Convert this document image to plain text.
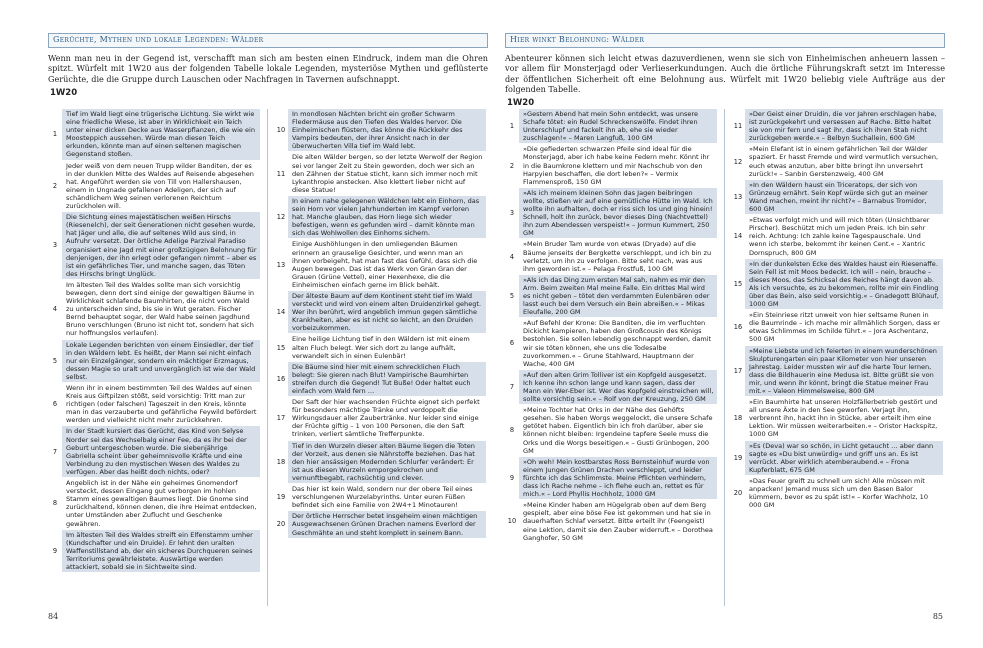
Gerüchte, Mythen und lokale Legenden: Wälder
Wenn man neu in der Gegend ist, verschafft man sich am besten einen Eindruck, indem man die Ohren spitzt. Würfelt mit 1W20 aus der folgenden Tabelle lokale Legenden, mysteriöse Mythen und geflüsterte Gerüchte, die die Gruppe durch Lauschen oder Nachfragen in Tavernen aufschnappt.
1W20
1
Tief im Wald liegt eine trügerische Lichtung. Sie wirkt wie eine friedliche Wiese, ist aber in Wirklichkeit ein Teich unter einer dicken Decke aus Wasserpflanzen, die wie ein Moosteppich aussehen. Würde man diesen Teich erkunden, könnte man auf einen seltenen magischen Gegenstand stoßen.
2
Jeder weiß von dem neuen Trupp wilder Banditen, der es in der dunklen Mitte des Waldes auf Reisende abgesehen hat. Angeführt werden sie von Till von Hallershausen, einem in Ungnade gefallenen Adeligen, der sich auf schändlichem Weg seinen verlorenen Reichtum zurückholen will.
3
Die Sichtung eines majestätischen weißen Hirschs (Riesenelch), der seit Generationen nicht gesehen wurde, hat Jäger und alle, die auf seltenes Wild aus sind, in Aufruhr versetzt. Der örtliche Adelige Parzival Paradiso organisiert eine Jagd mit einer großzügigen Belohnung für denjenigen, der ihn erlegt oder gefangen nimmt – aber es ist ein gefährliches Tier, und manche sagen, das Töten des Hirschs bringt Unglück.
4
Im ältesten Teil des Waldes sollte man sich vorsichtig bewegen, denn dort sind einige der gewaltigen Bäume in Wirklichkeit schlafende Baumhirten, die nicht vom Wald zu unterscheiden sind, bis sie in Wut geraten. Fischer Bernd behauptet sogar, der Wald habe seinen Jagdhund Bruno verschlungen (Bruno ist nicht tot, sondern hat sich nur hoffnungslos verlaufen).
5
Lokale Legenden berichten von einem Einsiedler, der tief in den Wäldern lebt. Es heißt, der Mann sei nicht einfach nur ein Einzelgänger, sondern ein mächtiger Erzmagus, dessen Magie so uralt und unvergänglich ist wie der Wald selbst.
6
Wenn ihr in einem bestimmten Teil des Waldes auf einen Kreis aus Giftpilzen stößt, seid vorsichtig: Tritt man zur richtigen (oder falschen) Tageszeit in den Kreis, könnte man in das verzauberte und gefährliche Feywild befördert werden und vielleicht nicht mehr zurückkehren.
7
In der Stadt kursiert das Gerücht, das Kind von Selyse Norder sei das Wechselbalg einer Fee, da es ihr bei der Geburt untergeschoben wurde. Die siebenjährige Gabriella scheint über geheimnisvolle Kräfte und eine Verbindung zu den mystischen Wesen des Waldes zu verfügen. Aber das heißt doch nichts, oder?
8
Angeblich ist in der Nähe ein geheimes Gnomendorf versteckt, dessen Eingang gut verborgen im hohlen Stamm eines gewaltigen Baumes liegt. Die Gnome sind zurückhaltend, können denen, die ihre Heimat entdecken, unter Umständen aber Zuflucht und Geschenke gewähren.
9
Im ältesten Teil des Waldes streift ein Elfenstamm umher (Kundschafter und ein Druide). Er lehnt den uralten Waffenstillstand ab, der ein sicheres Durchqueren seines Territoriums gewährleistete. Auswärtige werden attackiert, sobald sie in Sichtweite sind.
10
In mondlosen Nächten bricht ein großer Schwarm Fledermäuse aus den Tiefen des Waldes hervor. Die Einheimischen flüstern, das könne die Rückkehr des Vampirs bedeuten, der ihrer Ansicht nach in der überwucherten Villa tief im Wald lebt.
11
Die alten Wälder bergen, so der letzte Werwolf der Region sei vor langer Zeit zu Stein geworden, doch wer sich an den Zähnen der Statue sticht, kann sich immer noch mit Lykanthropie anstecken. Also klettert lieber nicht auf diese Statue!
12
In einem nahe gelegenen Wäldchen lebt ein Einhorn, das sein Horn vor vielen Jahrhunderten im Kampf verloren hat. Manche glauben, das Horn liege sich wieder befestigen, wenn es gefunden wird – damit könnte man sich das Wohlwollen des Einhorns sichern.
13
Einige Aushöhlungen in den umliegenden Bäumen erinnern an grauselige Gesichter, und wenn man an ihnen vorbeigeht, hat man fast das Gefühl, dass sich die Augen bewegen. Das ist das Werk von Gran Gran der Grauen (Grüne Vettel), einer Hexenhexe, die die Einheimischen einfach gerne im Blick behält.
14
Der älteste Baum auf dem Kontinent steht tief im Wald versteckt und wird von einem alten Druidenzirkel gehegt. Wer ihn berührt, wird angeblich immun gegen sämtliche Krankheiten, aber es ist nicht so leicht, an den Druiden vorbeizukommen.
15
Eine heilige Lichtung tief in den Wäldern ist mit einem alten Fluch belegt. Wer sich dort zu lange aufhält, verwandelt sich in einen Eulenbär!
16
Die Bäume sind hier mit einem schrecklichen Fluch belegt: Sie gieren nach Blut! Vampirische Baumhirten streifen durch die Gegend! Tut Buße! Oder haltet euch einfach vom Wald fern …
17
Der Saft der hier wachsenden Früchte eignet sich perfekt für besonders mächtige Tränke und verdoppelt die Wirkungsdauer aller Zaubertränke. Nur leider sind einige der Früchte giftig – 1 von 100 Personen, die den Saft trinken, verliert sämtliche Trefferpunkte.
18
Tief in den Wurzeln dieser alten Bäume liegen die Toten der Vorzeit, aus denen sie Nährstoffe beziehen. Das hat den hier ansässigen Modernden Schlurfer verändert: Er ist aus diesen Wurzeln emporgekrochen und vernunftbegabt, rachsüchtig und clever.
19
Das hier ist kein Wald, sondern nur der obere Teil eines verschlungenen Wurzelabyrinths. Unter euren Füßen befindet sich eine Familie von 2W4+1 Minotauren!
20
Der örtliche Herrscher betet insgeheim einen mächtigen Ausgewachsenen Grünen Drachen namens Everlord der Geschmähte an und steht komplett in seinem Bann.
84
Hier winkt Belohnung: Wälder
Abenteurer können sich leicht etwas dazuverdienen, wenn sie sich von Einheimischen anheuern lassen – vor allem für Monsterjagd oder Verlieserkundungen. Auch die örtliche Führungskraft setzt im Interesse der öffentlichen Sicherheit oft eine Belohnung aus. Würfelt mit 1W20 beliebig viele Aufträge aus der folgenden Tabelle.
1W20
1
»Gestern Abend hat mein Sohn entdeckt, was unsere Schafe tötet: ein Rudel Schreckenswölfe. Findet ihren Unterschlupf und fackelt ihn ab, ehe sie wieder zuschlagen!« – Maren Langfuß, 100 GM
2
»Die gefiederten schwarzen Pfeile sind ideal für die Monsterjagd, aber ich habe keine Federn mehr. Könnt ihr in die Baumkrone klettern und mir Nachschub von den Harpyien beschaffen, die dort leben?« – Vermix Flammensproß, 150 GM
3
»Als ich meinem kleinen Sohn das Jagen beibringen wollte, stießen wir auf eine gemütliche Hütte im Wald. Ich wollte ihn aufhalten, doch er riss sich los und ging hinein! Schnell, holt ihn zurück, bevor dieses Ding (Nachtvettel) ihn zum Abendessen verspeist!« – Jormun Kummert, 250 GM
4
»Mein Bruder Tam wurde von etwas (Dryade) auf die Bäume jenseits der Bergkette verschleppt, und ich bin zu verletzt, um ihn zu verfolgen. Bitte seht nach, was aus ihm geworden ist.« – Pelaga Frostfuß, 100 GM
5
»Als ich das Ding zum ersten Mal sah, nahm es mir den Arm. Beim zweiten Mal meine Falle. Ein drittes Mal wird es nicht geben – tötet den verdammten Eulenbären oder lasst euch bei dem Versuch ein Bein abreißen.« – Mikas Eleufalle, 200 GM
6
»Auf Befehl der Krone: Die Banditen, die im verfluchten Dickicht kampieren, haben den Großcousin des Königs bestohlen. Sie sollen lebendig geschnappt werden, damit wir sie töten können, ehe uns die Todesalbe zuvorkommen.« – Grune Stahlward, Hauptmann der Wache, 400 GM
7
»Auf den alten Grim Tolliver ist ein Kopfgeld ausgesetzt. Ich kenne ihn schon lange und kann sagen, dass der Mann ein Wer-Eber ist. Wer das Kopfgeld einstreichen will, sollte vorsichtig sein.« – Rolf von der Kreuzung, 250 GM
8
»Meine Tochter hat Orks in der Nähe des Gehöfts gesehen. Sie haben Worgs weggelockt, die unsere Schafe getötet haben. Eigentlich bin ich froh darüber, aber sie können nicht bleiben: Irgendeine tapfere Seele muss die Orks und die Worgs beseitigen.« – Gusti Grünbogen, 200 GM
9
»Oh weh! Mein kostbarstes Ross Bernsteinhuf wurde von einem Jungen Grünen Drachen verschleppt, und leider fürchte ich das Schlimmste. Meine Pflichten verhindern, dass ich Rache nehme – ich flehe euch an, rettet es für mich.« – Lord Phyllis Hochholz, 1000 GM
10
»Meine Kinder haben am Hügelgrab oben auf dem Berg gespielt, aber eine böse Fee ist gekommen und hat sie in dauerhaften Schlaf versetzt. Bitte erteilt ihr (Feengeist) eine Lektion, damit sie den Zauber widerruft.« – Dorothea Ganghofer, 50 GM
11
»Der Geist einer Druidin, die vor Jahren erschlagen habe, ist zurückgekehrt und versessen auf Rache. Bitte haltet sie von mir fern und sagt ihr, dass ich ihren Stab nicht zurückgeben werde.« – Belbyn Suchallein, 600 GM
12
»Mein Elefant ist in einem gefährlichen Teil der Wälder spaziert. Er hasst Fremde und wird vermutlich versuchen, euch etwas anzutun, aber bitte bringt ihn unversehrt zurück!« – Sanbin Gerstenzweig, 400 GM
13
»In den Wäldern haust ein Triceratops, der sich von Grünzeug ernährt. Sein Kopf würde sich gut an meiner Wand machen, meint ihr nicht?« – Barnabus Tromidor, 600 GM
14
»Etwas verfolgt mich und will mich töten (Unsichtbarer Pirscher). Beschützt mich um jeden Preis. Ich bin sehr reich. Achtung: Ich zahle keine Tagespauschale. Und wenn ich sterbe, bekommt ihr keinen Cent.« – Xantric Dornspruch, 800 GM
15
»In der dunkelsten Ecke des Waldes haust ein Riesenaffe. Sein Fell ist mit Moos bedeckt. Ich will – nein, brauche – dieses Moos, das Schicksal des Reiches hängt davon ab. Als ich versuchte, es zu bekommen, rollte mir ein Findling über das Bein, also seid vorsichtig.« – Gnadegott Blühauf, 1000 GM
16
»Ein Steinriese ritzt unweit von hier seltsame Runen in die Baumrinde – ich mache mir allmählich Sorgen, dass er etwas Schlimmes im Schilde führt.« – Jora Aschentanz, 500 GM
17
»Meine Liebste und ich feierten in einem wunderschönen Skulpturengarten ein paar Kilometer von hier unseren Jahrestag. Leider mussten wir auf die harte Tour lernen, dass die Bildhauerin eine Medusa ist. Bitte grüßt sie von mir, und wenn ihr könnt, bringt die Statue meiner Frau mit.« – Valeon Himmelsweise, 800 GM
18
»Ein Baumhirte hat unseren Holzfällerbetrieb gestört und all unsere Äxte in den See geworfen. Verjagt ihn, verbrennt ihn, hackt ihn in Stücke, aber erteilt ihm eine Lektion. Wir müssen weiterarbeiten.« – Oristor Hackspitz, 1000 GM
19
»Es (Deva) war so schön, in Licht getaucht … aber dann sagte es »Du bist unwürdig« und griff uns an. Es ist verrückt. Aber wirklich atemberaubend.« – Frona Kupferblatt, 675 GM
20
»Das Feuer greift zu schnell um sich! Alle müssen mit anpacken! Jemand muss sich um den Basen Balor kümmern, bevor es zu spät ist!« – Korfer Wachholz, 10 000 GM
85
